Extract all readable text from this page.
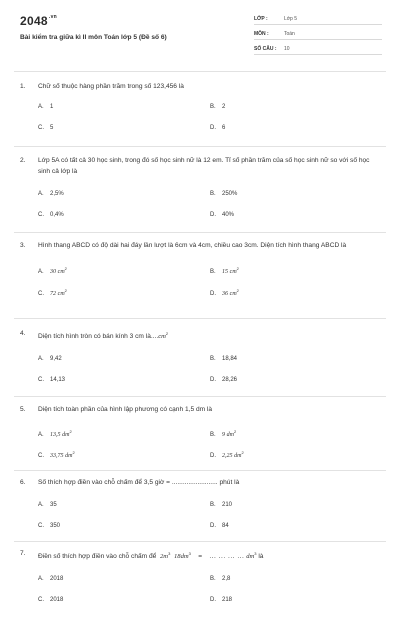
$2048^{.vn}$
Bài kiểm tra giữa kì II môn Toán lớp 5 (Đề số 6)
LỚP :	Lớp 5
MÔN :	Toán
SỐ CÂU : 10
1. Chữ số thuộc hàng phần trăm trong số 123,456 là
A. 1	B. 2
C. 5	D. 6
2. Lớp 5A có tất cả 30 học sinh, trong đó số học sinh nữ là 12 em. Tỉ số phần trăm của số học sinh nữ so với số học sinh cả lớp là
A. 2,5%	B. 250%
C. 0,4%	D. 40%
3. Hình thang ABCD có độ dài hai đáy lần lượt là 6cm và 4cm, chiều cao 3cm. Diện tích hình thang ABCD là
A. 30 $cm^2$
B. 15 $cm^2$
C. 72 $cm^2$
D. 36 $cm^2$
4. Diện tích hình tròn có bán kính 3 cm $là....cm^2$
A. 9,42	B. 18,84
C. 14,13	D. 28,26
5. Diện tích toàn phần của hình lập phương có cạnh 1,5 dm là
A. 13,5 $dm^2$
B. 9 $dm^2$
C. 33,75 $dm^2$
D. 2,25 $dm^2$
6. Số thích hợp điền vào chỗ chấm để 3,5 giờ = ......................... phút là
A. 35	B. 210
C. 350	D. 84
7. Điền số thích hợp điền vào chỗ chấm để $2m^3$ $18dm^3$ = ... ... ... ... $dm^3$ là
A. 2018	B. 2,8
C. 2018	D. 218
